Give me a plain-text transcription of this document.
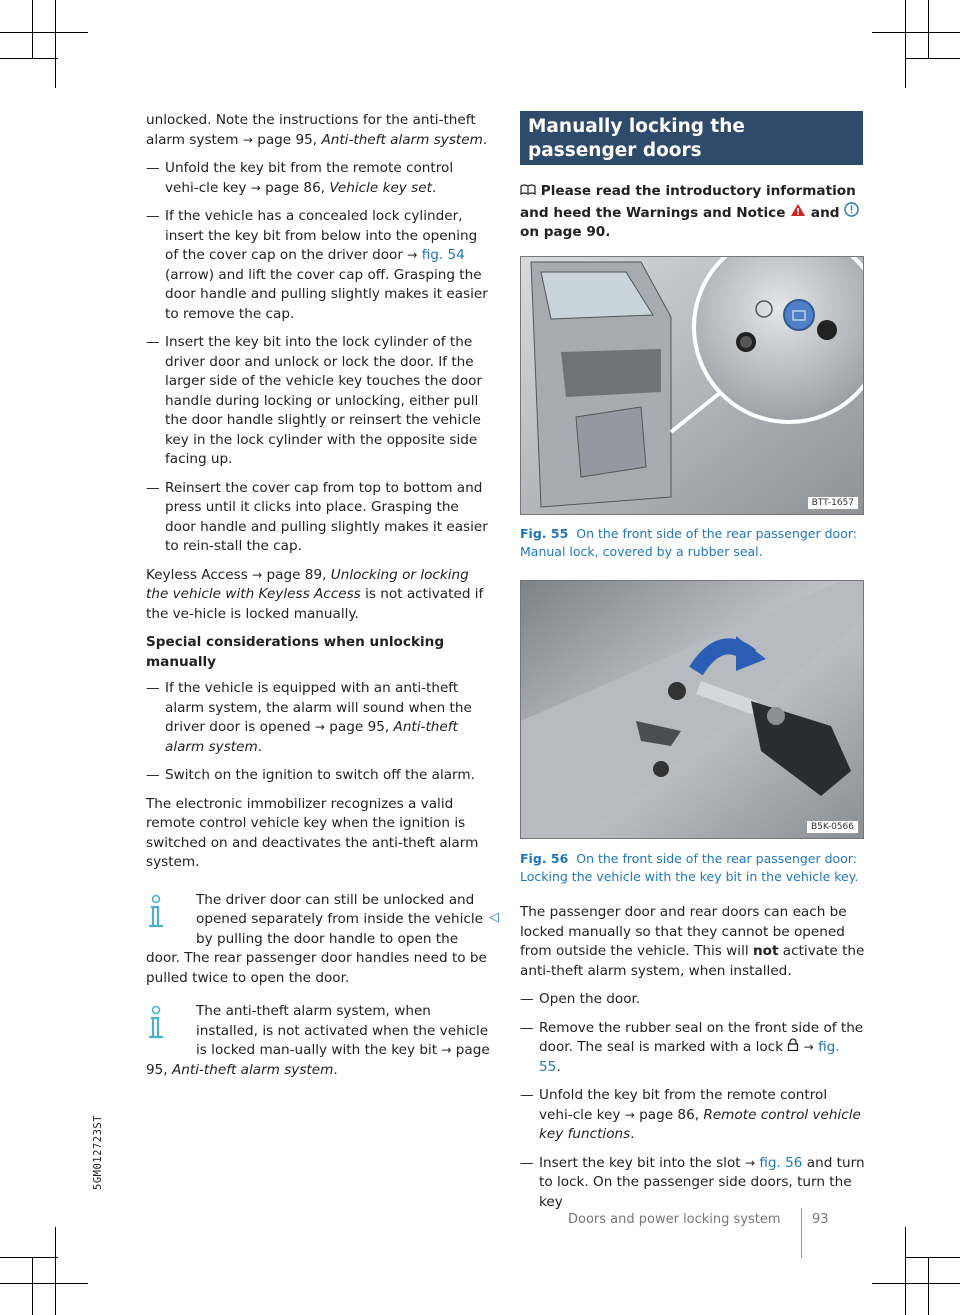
unlocked. Note the instructions for the anti-theft alarm system → page 95, Anti-theft alarm system.

— Unfold the key bit from the remote control vehi-cle key → page 86, Vehicle key set.
— If the vehicle has a concealed lock cylinder, insert the key bit from below into the opening of the cover cap on the driver door → fig. 54 (arrow) and lift the cover cap off. Grasping the door handle and pulling slightly makes it easier to remove the cap.
— Insert the key bit into the lock cylinder of the driver door and unlock or lock the door. If the larger side of the vehicle key touches the door handle during locking or unlocking, either pull the door handle slightly or reinsert the vehicle key in the lock cylinder with the opposite side facing up.
— Reinsert the cover cap from top to bottom and press until it clicks into place. Grasping the door handle and pulling slightly makes it easier to rein-stall the cap.

Keyless Access → page 89, Unlocking or locking the vehicle with Keyless Access is not activated if the ve-hicle is locked manually.

Special considerations when unlocking manually
— If the vehicle is equipped with an anti-theft alarm system, the alarm will sound when the driver door is opened → page 95, Anti-theft alarm system.
— Switch on the ignition to switch off the alarm.

The electronic immobilizer recognizes a valid remote control vehicle key when the ignition is switched on and deactivates the anti-theft alarm system.

The driver door can still be unlocked and opened separately from inside the vehicle by pulling the door handle to open the door. The rear passenger door handles need to be pulled twice to open the door.
The anti-theft alarm system, when installed, is not activated when the vehicle is locked man-ually with the key bit → page 95, Anti-theft alarm system.
◁
Manually locking the passenger doors
Please read the introductory information and heed the Warnings and Notice and  on page 90.
BTT-1657
Fig. 55 On the front side of the rear passenger door: Manual lock, covered by a rubber seal.
B5K-0566
Fig. 56 On the front side of the rear passenger door: Locking the vehicle with the key bit in the vehicle key.

The passenger door and rear doors can each be locked manually so that they cannot be opened from outside the vehicle. This will not activate the anti-theft alarm system, when installed.

— Open the door.
— Remove the rubber seal on the front side of the door. The seal is marked with a lock  → fig. 55.
— Unfold the key bit from the remote control vehi-cle key → page 86, Remote control vehicle key functions.
— Insert the key bit into the slot → fig. 56 and turn to lock. On the passenger side doors, turn the key
5GM012723ST
Doors and power locking system 93
